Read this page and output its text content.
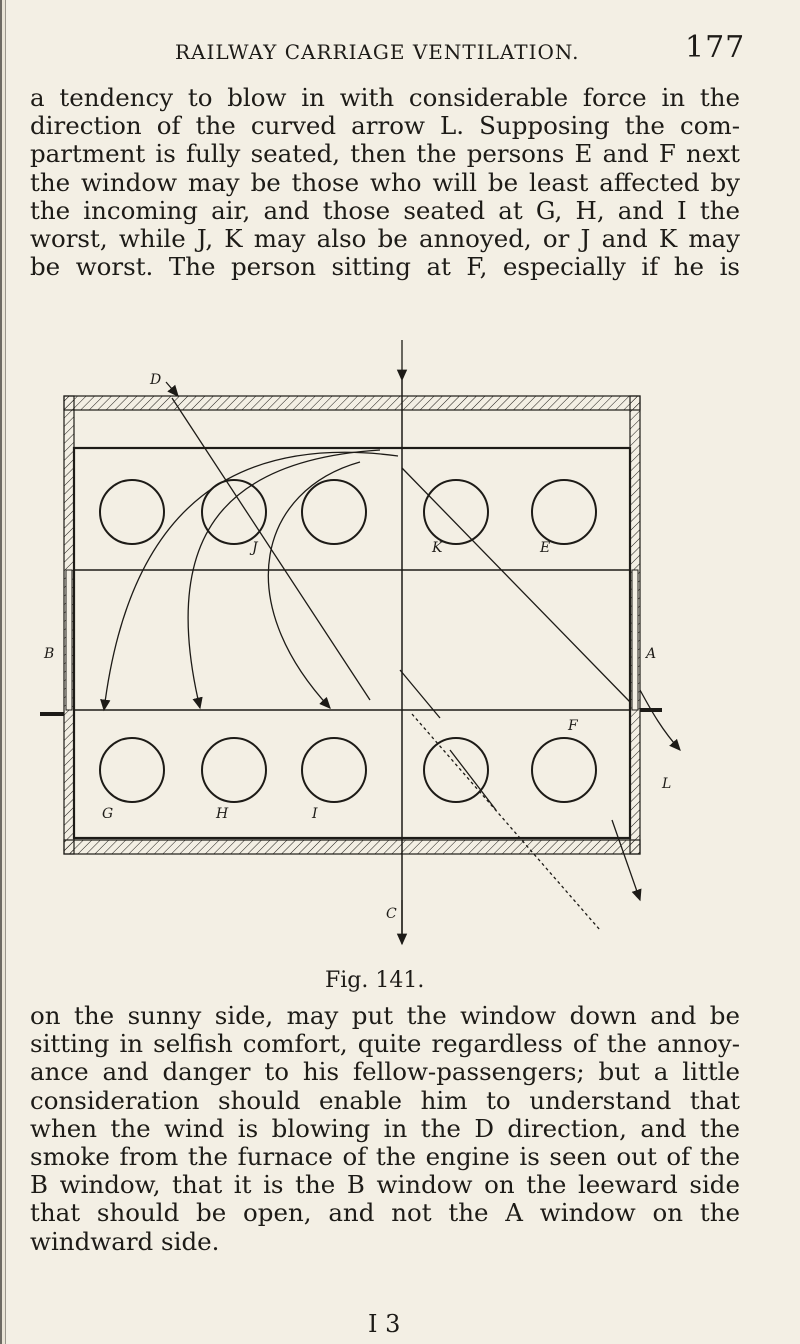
RAILWAY CARRIAGE VENTILATION.	177

a tendency to blow in with considerable force in the

direction of the curved arrow L. Supposing the com-

partment is fully seated, then the persons E and F next

the window may be those who will be least affected by

the incoming air, and those seated at G, H, and I the

worst, while J, K may also be annoyed, or J and K may

be worst. The person sitting at F, especially if he is

D
J	K	E
B	A
F
G	H	I
L
C
Fig. 141.

on the sunny side, may put the window down and be

sitting in selfish comfort, quite regardless of the annoy-

ance and danger to his fellow-passengers; but a little

consideration should enable him to understand that

when the wind is blowing in the D direction, and the

smoke from the furnace of the engine is seen out of the

B window, that it is the B window on the leeward side

that should be open, and not the A window on the

windward side.

I 3
